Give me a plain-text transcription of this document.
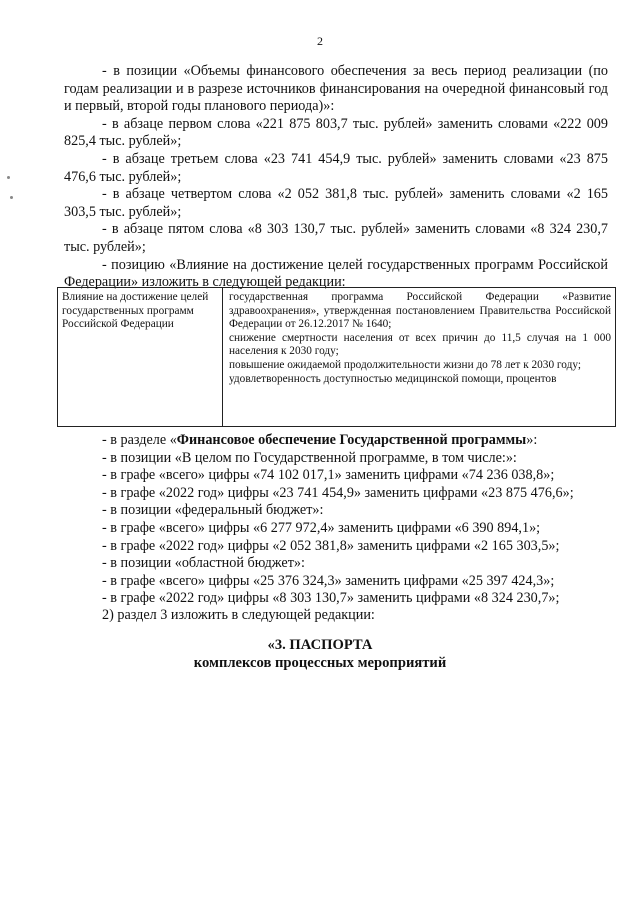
2
- в позиции «Объемы финансового обеспечения за весь период реализации (по годам реализации и в разрезе источников финансирования на очередной финансовый год и первый, второй годы планового периода)»:
- в абзаце первом слова «221 875 803,7 тыс. рублей» заменить словами «222 009 825,4 тыс. рублей»;
- в абзаце третьем слова «23 741 454,9 тыс. рублей» заменить словами «23 875 476,6 тыс. рублей»;
- в абзаце четвертом слова «2 052 381,8 тыс. рублей» заменить словами «2 165 303,5 тыс. рублей»;
- в абзаце пятом слова «8 303 130,7 тыс. рублей» заменить словами «8 324 230,7 тыс. рублей»;
- позицию «Влияние на достижение целей государственных программ Российской Федерации» изложить в следующей редакции:
Влияние на достижение целей государственных программ Российской Федерации
государственная программа Российской Федерации «Развитие здравоохранения», утвержденная постановлением Правительства Российской Федерации от 26.12.2017 № 1640;
снижение смертности населения от всех причин до 11,5 случая на 1 000 населения к 2030 году;
повышение ожидаемой продолжительности жизни до 78 лет к 2030 году;
удовлетворенность доступностью медицинской помощи, процентов
- в разделе «Финансовое обеспечение Государственной программы»:
- в позиции «В целом по Государственной программе, в том числе:»:
- в графе «всего» цифры «74 102 017,1» заменить цифрами «74 236 038,8»;
- в графе «2022 год» цифры «23 741 454,9» заменить цифрами «23 875 476,6»;
- в позиции «федеральный бюджет»:
- в графе «всего» цифры «6 277 972,4» заменить цифрами «6 390 894,1»;
- в графе «2022 год» цифры «2 052 381,8» заменить цифрами «2 165 303,5»;
- в позиции «областной бюджет»:
- в графе «всего» цифры «25 376 324,3» заменить цифрами «25 397 424,3»;
- в графе «2022 год» цифры «8 303 130,7» заменить цифрами «8 324 230,7»;
2) раздел 3 изложить в следующей редакции:
«3. ПАСПОРТА
комплексов процессных мероприятий
